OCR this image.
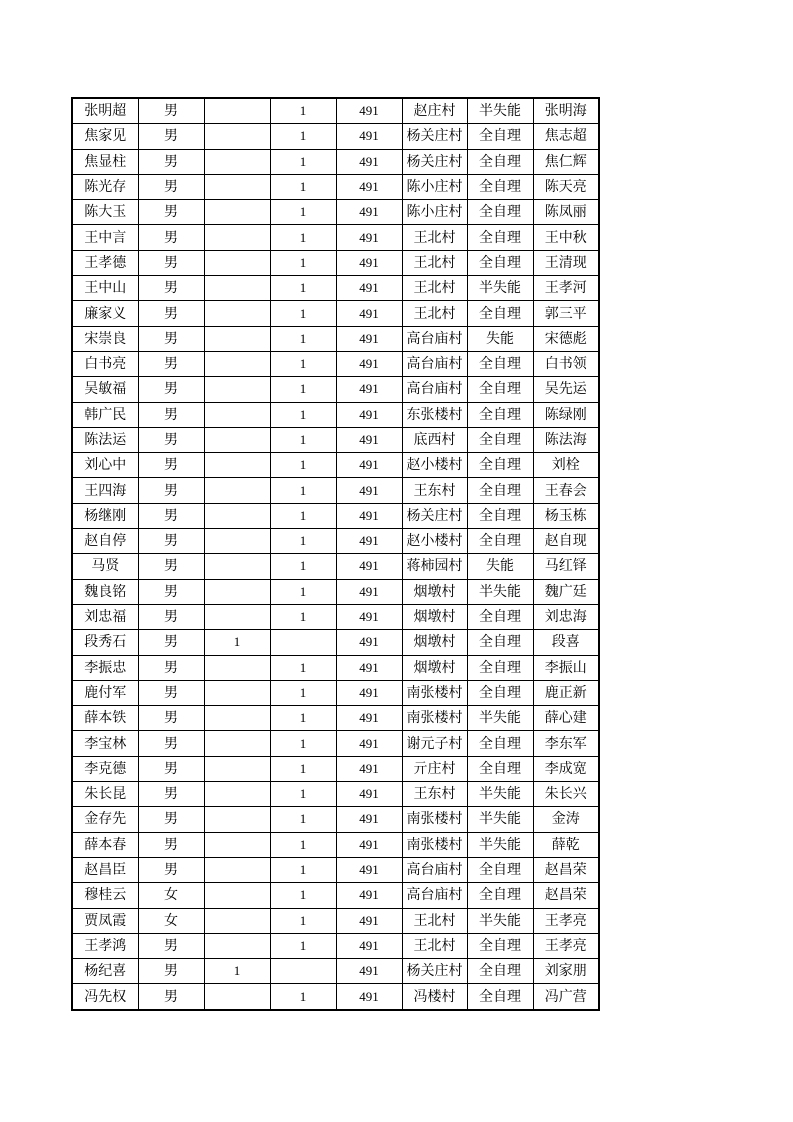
张明超	男		1	491	赵庄村	半失能	张明海
焦家见	男		1	491	杨关庄村	全自理	焦志超
焦显柱	男		1	491	杨关庄村	全自理	焦仁辉
陈光存	男		1	491	陈小庄村	全自理	陈天亮
陈大玉	男		1	491	陈小庄村	全自理	陈凤丽
王中言	男		1	491	王北村	全自理	王中秋
王孝德	男		1	491	王北村	全自理	王清现
王中山	男		1	491	王北村	半失能	王孝河
廉家义	男		1	491	王北村	全自理	郭三平
宋崇良	男		1	491	高台庙村	失能	宋德彪
白书亮	男		1	491	高台庙村	全自理	白书领
吴敏福	男		1	491	高台庙村	全自理	吴先运
韩广民	男		1	491	东张楼村	全自理	陈绿刚
陈法运	男		1	491	底西村	全自理	陈法海
刘心中	男		1	491	赵小楼村	全自理	刘栓
王四海	男		1	491	王东村	全自理	王春会
杨继刚	男		1	491	杨关庄村	全自理	杨玉栋
赵自停	男		1	491	赵小楼村	全自理	赵自现
马贤	男		1	491	蒋柿园村	失能	马红铎
魏良铭	男		1	491	烟墩村	半失能	魏广廷
刘忠福	男		1	491	烟墩村	全自理	刘忠海
段秀石	男	1		491	烟墩村	全自理	段喜
李振忠	男		1	491	烟墩村	全自理	李振山
鹿付军	男		1	491	南张楼村	全自理	鹿正新
薛本铁	男		1	491	南张楼村	半失能	薛心建
李宝林	男		1	491	谢元子村	全自理	李东军
李克德	男		1	491	亓庄村	全自理	李成宽
朱长昆	男		1	491	王东村	半失能	朱长兴
金存先	男		1	491	南张楼村	半失能	金涛
薛本春	男		1	491	南张楼村	半失能	薛乾
赵昌臣	男		1	491	高台庙村	全自理	赵昌荣
穆桂云	女		1	491	高台庙村	全自理	赵昌荣
贾凤霞	女		1	491	王北村	半失能	王孝亮
王孝鸿	男		1	491	王北村	全自理	王孝亮
杨纪喜	男	1		491	杨关庄村	全自理	刘家朋
冯先权	男		1	491	冯楼村	全自理	冯广营
